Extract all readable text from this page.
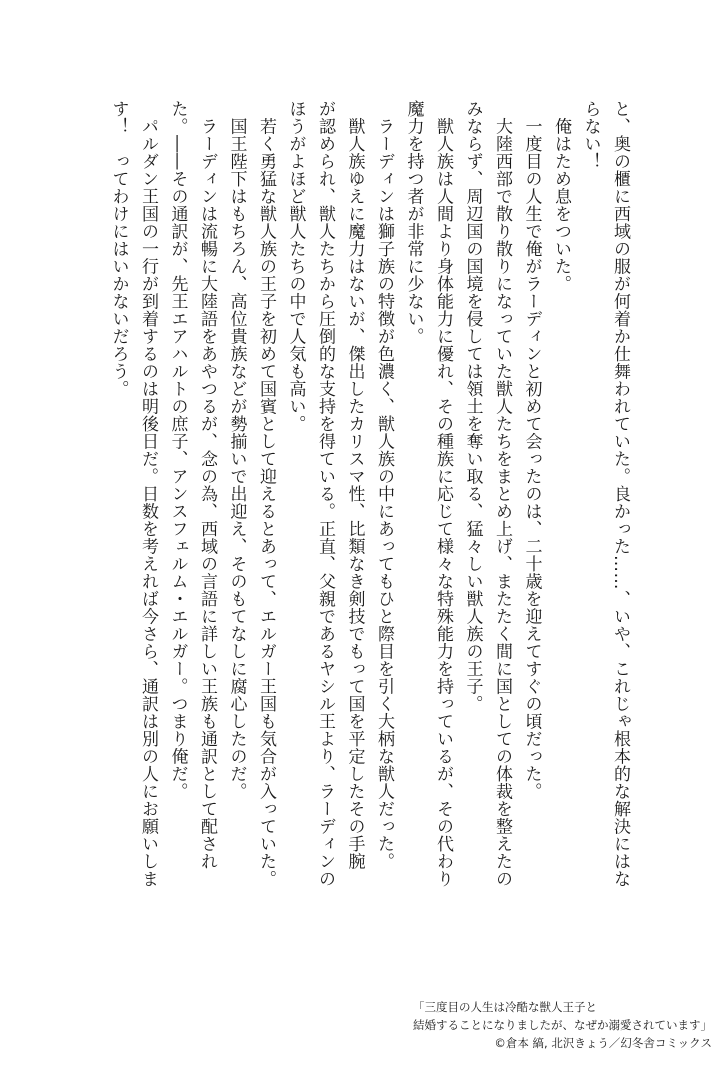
と、奥の櫃に西域の服が何着か仕舞われていた。良かった……、いや、これじゃ根本的な解決にはな

らない！

　俺はため息をついた。

　一度目の人生で俺がラーディンと初めて会ったのは、二十歳を迎えてすぐの頃だった。

　大陸西部で散り散りになっていた獣人たちをまとめ上げ、またたく間に国としての体裁を整えたの

みならず、周辺国の国境を侵しては領土を奪い取る、猛々しい獣人族の王子。

　獣人族は人間より身体能力に優れ、その種族に応じて様々な特殊能力を持っているが、その代わり

魔力を持つ者が非常に少ない。

　ラーディンは獅子族の特徴が色濃く、獣人族の中にあってもひと際目を引く大柄な獣人だった。

　獣人族ゆえに魔力はないが、傑出したカリスマ性、比類なき剣技でもって国を平定したその手腕

が認められ、獣人たちから圧倒的な支持を得ている。正直、父親であるヤシル王より、ラーディンの

ほうがよほど獣人たちの中で人気も高い。

　若く勇猛な獣人族の王子を初めて国賓として迎えるとあって、エルガー王国も気合が入っていた。

　国王陛下はもちろん、高位貴族などが勢揃いで出迎え、そのもてなしに腐心したのだ。

　ラーディンは流暢に大陸語をあやつるが、念の為、西域の言語に詳しい王族も通訳として配され

た。――その通訳が、先王エアハルトの庶子、アンスフェルム・エルガー。つまり俺だ。

　パルダン王国の一行が到着するのは明後日だ。日数を考えれば今さら、通訳は別の人にお願いしま

す！　ってわけにはいかないだろう。

「三度目の人生は冷酷な獣人王子と
結婚することになりましたが、なぜか溺愛されています」
©倉本 縞, 北沢きょう／幻冬舎コミックス
